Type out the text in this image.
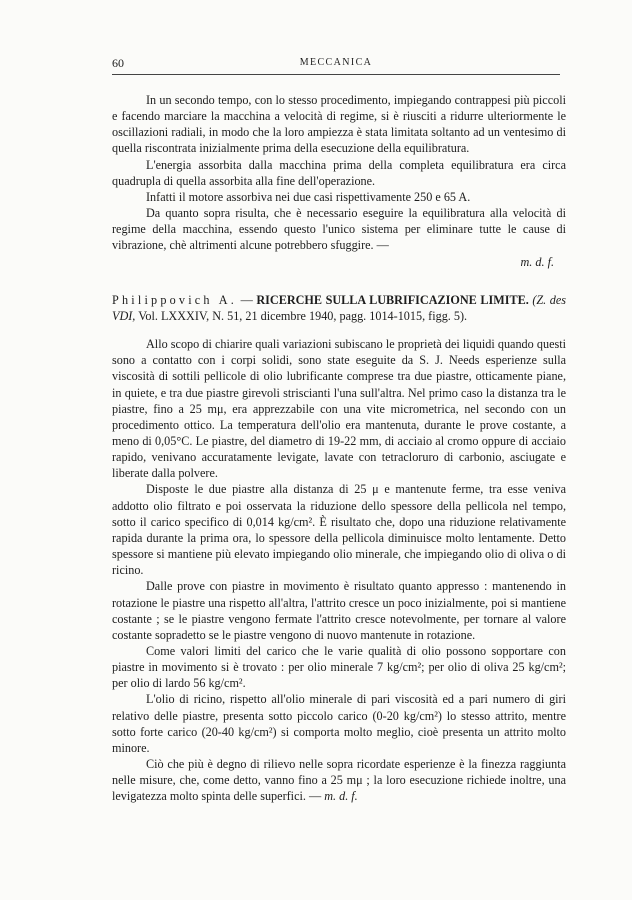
60	MECCANICA

In un secondo tempo, con lo stesso procedimento, impiegando contrappesi più piccoli e facendo marciare la macchina a velocità di regime, si è riusciti a ridurre ulteriormente le oscillazioni radiali, in modo che la loro ampiezza è stata limitata soltanto ad un ventesimo di quella riscontrata inizialmente prima della esecuzione della equilibratura.

L'energia assorbita dalla macchina prima della completa equilibratura era circa quadrupla di quella assorbita alla fine dell'operazione.

Infatti il motore assorbiva nei due casi rispettivamente 250 e 65 A.

Da quanto sopra risulta, che è necessario eseguire la equilibratura alla velocità di regime della macchina, essendo questo l'unico sistema per eliminare tutte le cause di vibrazione, chè altrimenti alcune potrebbero sfuggire. —

m. d. f.

Philippovich A. — RICERCHE SULLA LUBRIFICAZIONE LIMITE. (Z. des VDI, Vol. LXXXIV, N. 51, 21 dicembre 1940, pagg. 1014-1015, figg. 5).

Allo scopo di chiarire quali variazioni subiscano le proprietà dei liquidi quando questi sono a contatto con i corpi solidi, sono state eseguite da S. J. Needs esperienze sulla viscosità di sottili pellicole di olio lubrificante comprese tra due piastre, otticamente piane, in quiete, e tra due piastre girevoli striscianti l'una sull'altra. Nel primo caso la distanza tra le piastre, fino a 25 mμ, era apprezzabile con una vite micrometrica, nel secondo con un procedimento ottico. La temperatura dell'olio era mantenuta, durante le prove costante, a meno di 0,05°C. Le piastre, del diametro di 19-22 mm, di acciaio al cromo oppure di acciaio rapido, venivano accuratamente levigate, lavate con tetracloruro di carbonio, asciugate e liberate dalla polvere.

Disposte le due piastre alla distanza di 25 μ e mantenute ferme, tra esse veniva addotto olio filtrato e poi osservata la riduzione dello spessore della pellicola nel tempo, sotto il carico specifico di 0,014 kg/cm². È risultato che, dopo una riduzione relativamente rapida durante la prima ora, lo spessore della pellicola diminuisce molto lentamente. Detto spessore si mantiene più elevato impiegando olio minerale, che impiegando olio di oliva o di ricino.

Dalle prove con piastre in movimento è risultato quanto appresso : mantenendo in rotazione le piastre una rispetto all'altra, l'attrito cresce un poco inizialmente, poi si mantiene costante ; se le piastre vengono fermate l'attrito cresce notevolmente, per tornare al valore costante sopradetto se le piastre vengono di nuovo mantenute in rotazione.

Come valori limiti del carico che le varie qualità di olio possono sopportare con piastre in movimento si è trovato : per olio minerale 7 kg/cm²; per olio di oliva 25 kg/cm²; per olio di lardo 56 kg/cm².

L'olio di ricino, rispetto all'olio minerale di pari viscosità ed a pari numero di giri relativo delle piastre, presenta sotto piccolo carico (0-20 kg/cm²) lo stesso attrito, mentre sotto forte carico (20-40 kg/cm²) si comporta molto meglio, cioè presenta un attrito molto minore.

Ciò che più è degno di rilievo nelle sopra ricordate esperienze è la finezza raggiunta nelle misure, che, come detto, vanno fino a 25 mμ ; la loro esecuzione richiede inoltre, una levigatezza molto spinta delle superfici. — m. d. f.
